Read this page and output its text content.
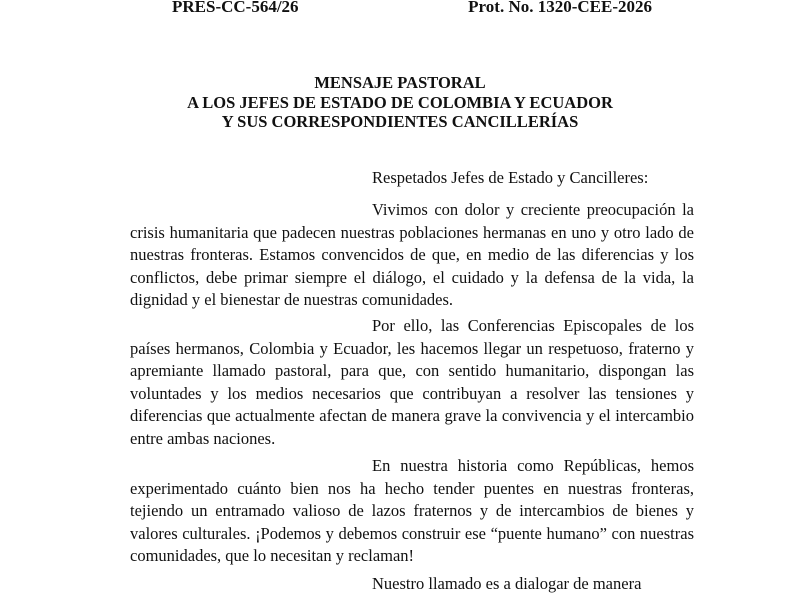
PRES-CC-564/26	Prot. No. 1320-CEE-2026
MENSAJE PASTORAL
A LOS JEFES DE ESTADO DE COLOMBIA Y ECUADOR
Y SUS CORRESPONDIENTES CANCILLERÍAS
Respetados Jefes de Estado y Cancilleres:

Vivimos con dolor y creciente preocupación la crisis humanitaria que padecen nuestras poblaciones hermanas en uno y otro lado de nuestras fronteras. Estamos convencidos de que, en medio de las diferencias y los conflictos, debe primar siempre el diálogo, el cuidado y la defensa de la vida, la dignidad y el bienestar de nuestras comunidades.

Por ello, las Conferencias Episcopales de los países hermanos, Colombia y Ecuador, les hacemos llegar un respetuoso, fraterno y apremiante llamado pastoral, para que, con sentido humanitario, dispongan las voluntades y los medios necesarios que contribuyan a resolver las tensiones y diferencias que actualmente afectan de manera grave la convivencia y el intercambio entre ambas naciones.

En nuestra historia como Repúblicas, hemos experimentado cuánto bien nos ha hecho tender puentes en nuestras fronteras, tejiendo un entramado valioso de lazos fraternos y de intercambios de bienes y valores culturales. ¡Podemos y debemos construir ese “puente humano” con nuestras comunidades, que lo necesitan y reclaman!

Nuestro llamado es a dialogar de manera
